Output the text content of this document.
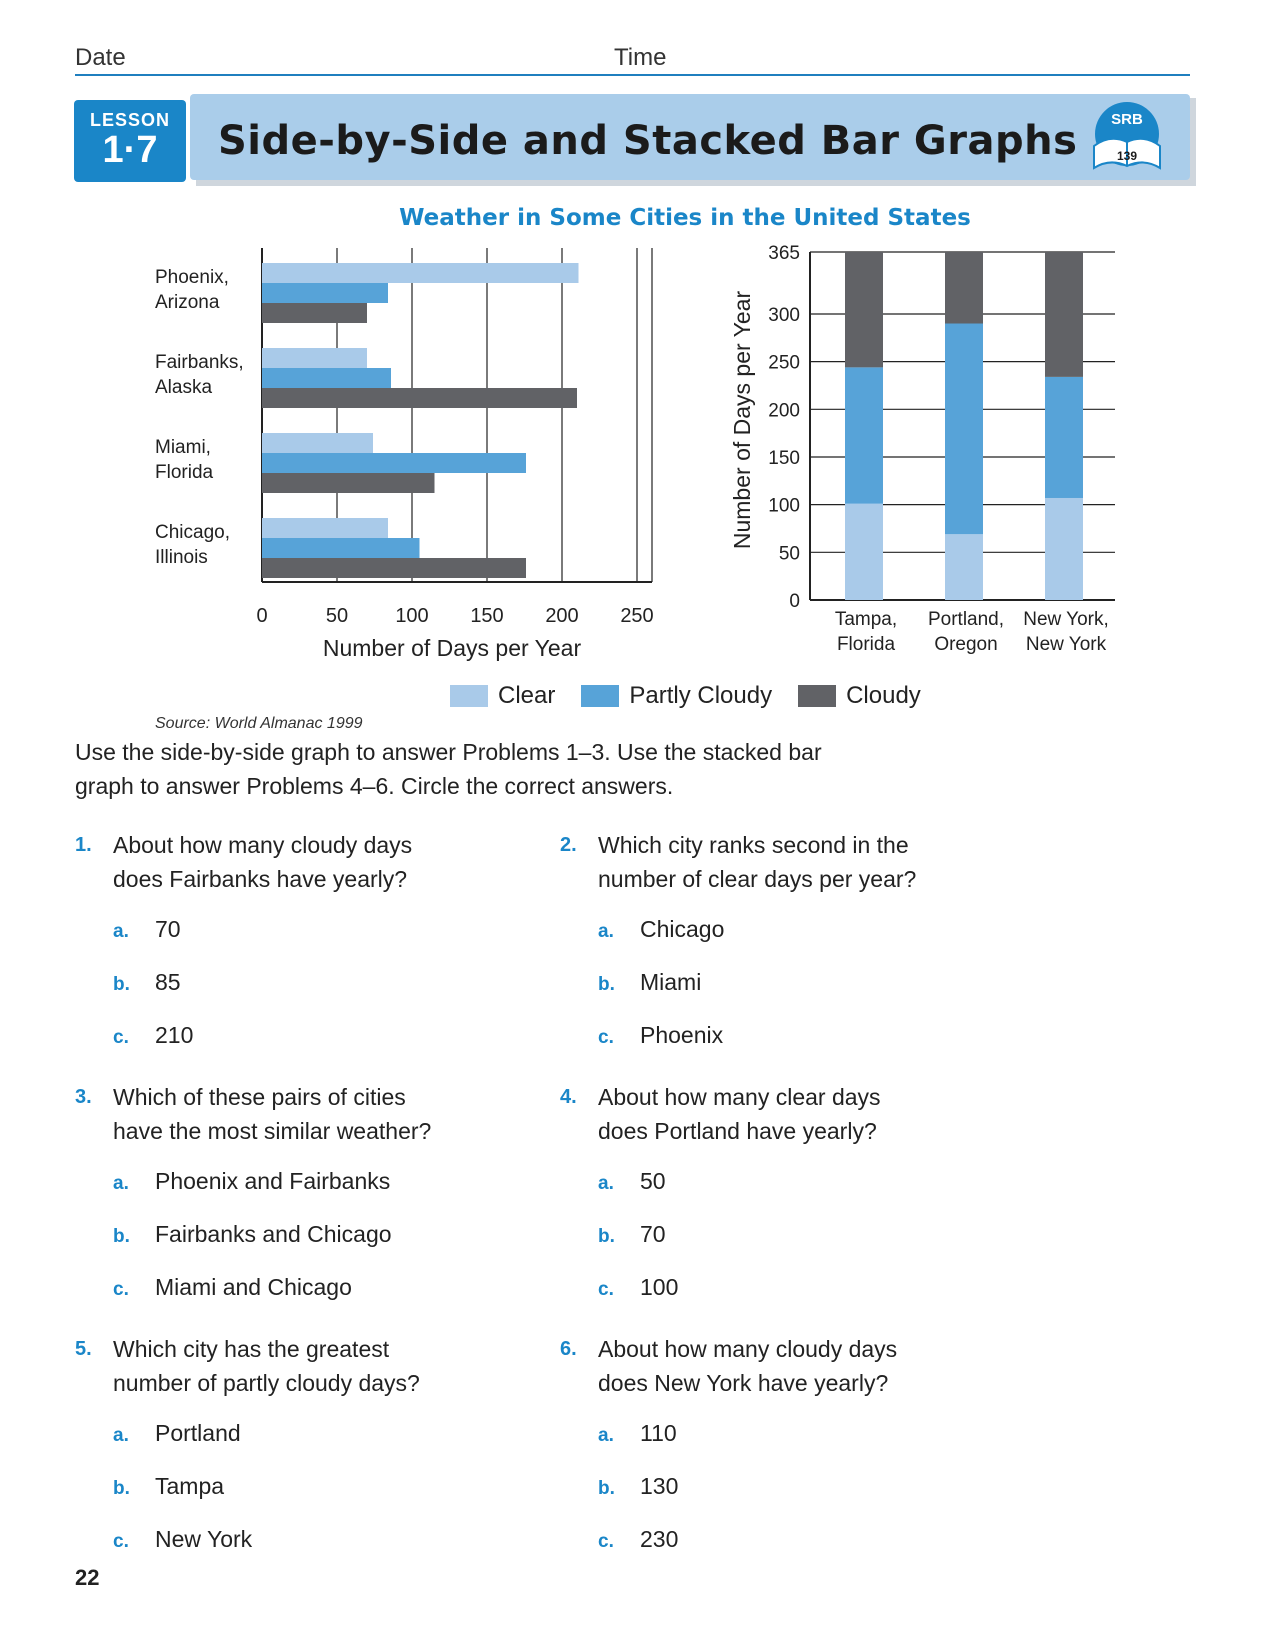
Date	Time
LESSON
1·7	Side-by-Side and Stacked Bar Graphs SRB
139
Weather in Some Cities in the United States
0	50 100 150 200 250
Number of Days per Year
Phoenix,
Arizona
Fairbanks,
Alaska
Miami,
Florida
Chicago,
Illinois
0
50
100
150
200
250
300
365
Number of Days per Year
Tampa,
Florida
Portland,
Oregon
New York,
New York
Clear	Partly Cloudy	Cloudy
Source: World Almanac 1999
Use the side-by-side graph to answer Problems 1–3. Use the stacked bar
graph to answer Problems 4–6. Circle the correct answers.
1. About how many cloudy days
does Fairbanks have yearly?
a. 70
b. 85
c. 210
2. Which city ranks second in the
number of clear days per year?
a. Chicago
b. Miami
c. Phoenix
3. Which of these pairs of cities
have the most similar weather?
a. Phoenix and Fairbanks
b. Fairbanks and Chicago
c. Miami and Chicago
4. About how many clear days
does Portland have yearly?
a. 50
b. 70
c. 100
5. Which city has the greatest
number of partly cloudy days?
a. Portland
b. Tampa
c. New York
6. About how many cloudy days
does New York have yearly?
a. 110
b. 130
c. 230
22
